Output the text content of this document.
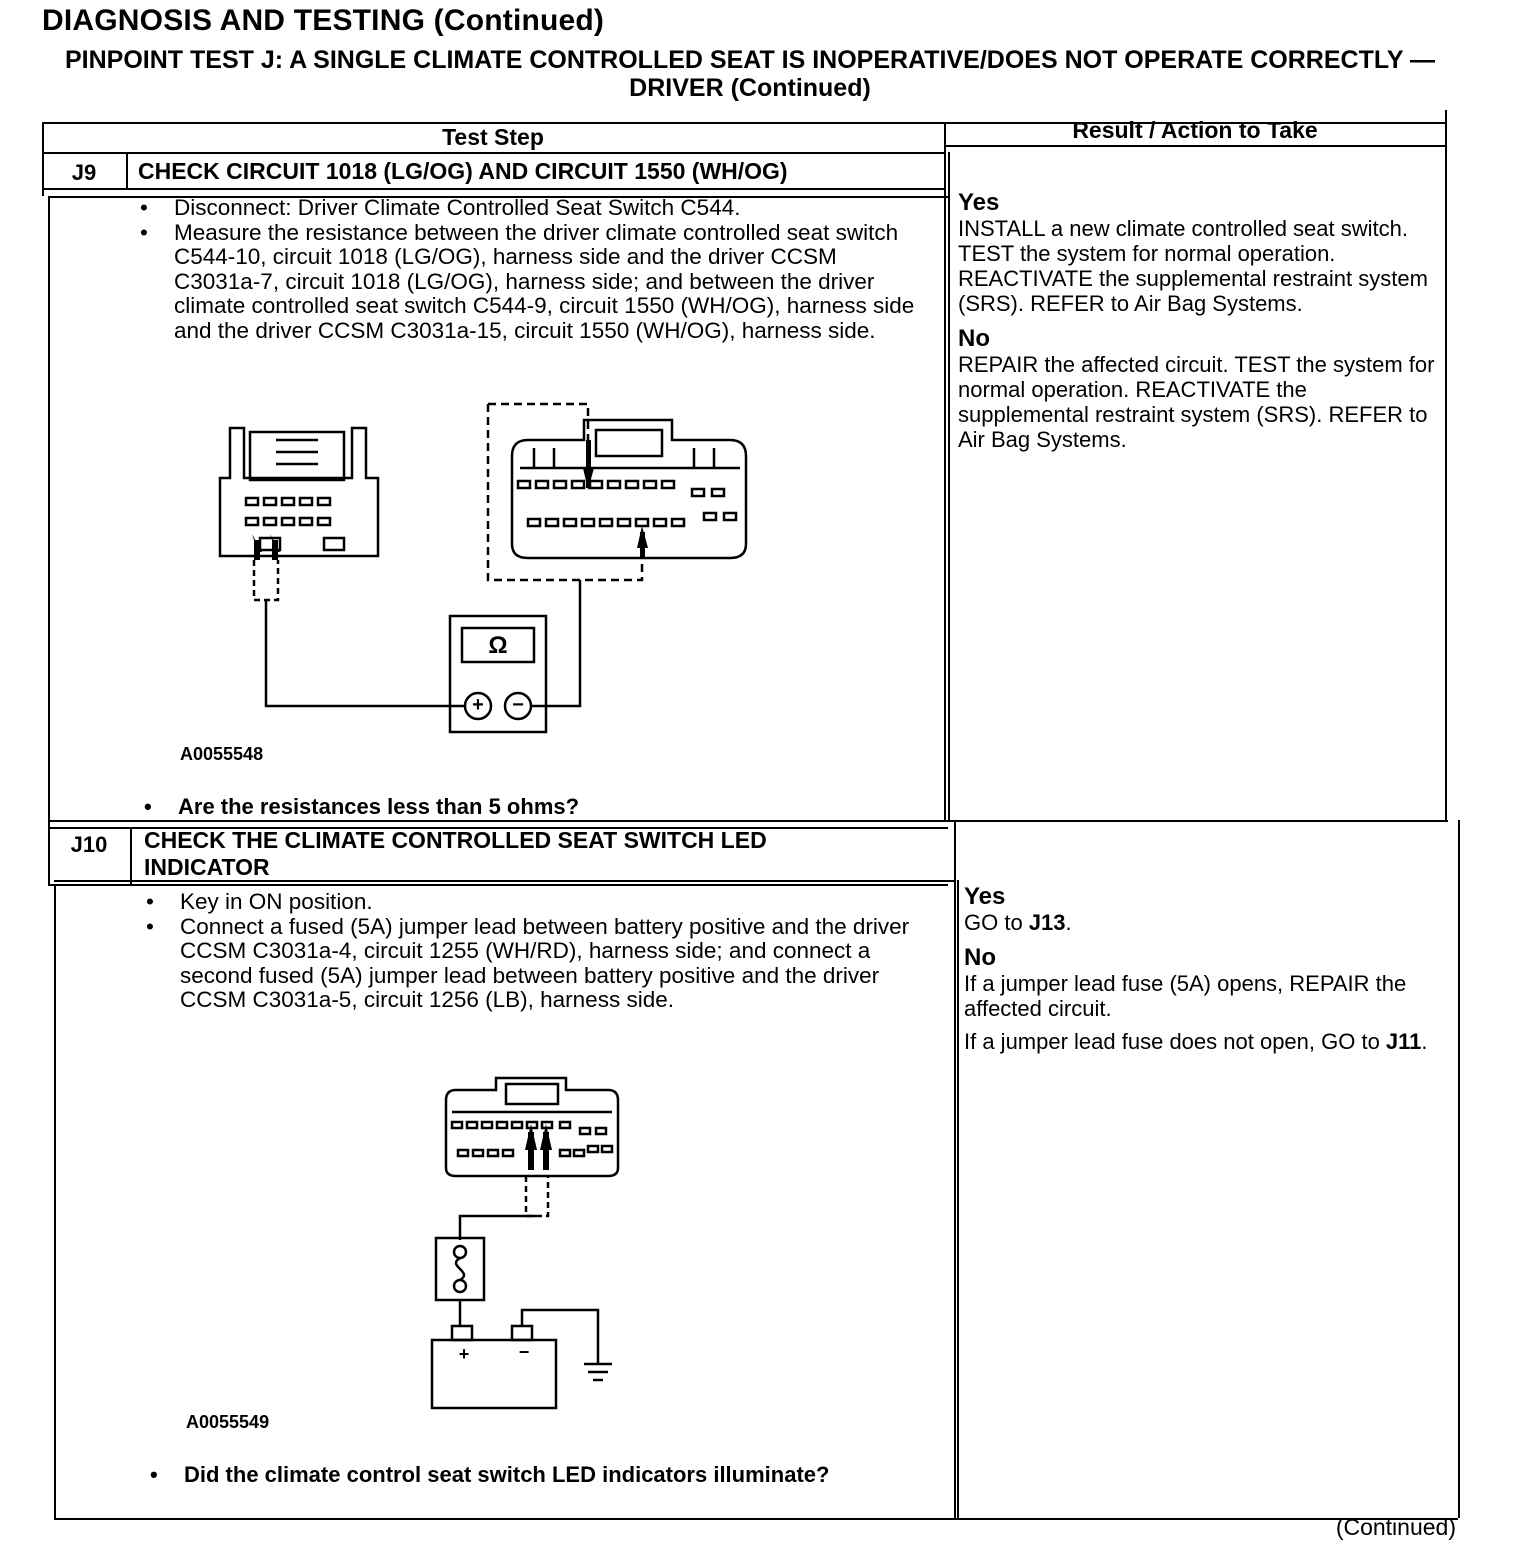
DIAGNOSIS AND TESTING (Continued)
PINPOINT TEST J: A SINGLE CLIMATE CONTROLLED SEAT IS INOPERATIVE/DOES NOT OPERATE CORRECTLY — DRIVER (Continued)
Test Step	Result / Action to Take
J9	CHECK CIRCUIT 1018 (LG/OG) AND CIRCUIT 1550 (WH/OG)
• Disconnect: Driver Climate Controlled Seat Switch C544.
• Measure the resistance between the driver climate controlled seat switch C544-10, circuit 1018 (LG/OG), harness side and the driver CCSM C3031a-7, circuit 1018 (LG/OG), harness side; and between the driver climate controlled seat switch C544-9, circuit 1550 (WH/OG), harness side and the driver CCSM C3031a-15, circuit 1550 (WH/OG), harness side.
Ω
+	−
A0055548
• Are the resistances less than 5 ohms?
Yes
INSTALL a new climate controlled seat switch. TEST the system for normal operation. REACTIVATE the supplemental restraint system (SRS). REFER to Air Bag Systems.
No
REPAIR the affected circuit. TEST the system for normal operation. REACTIVATE the supplemental restraint system (SRS). REFER to Air Bag Systems.
J10	CHECK THE CLIMATE CONTROLLED SEAT SWITCH LED INDICATOR
• Key in ON position.
• Connect a fused (5A) jumper lead between battery positive and the driver CCSM C3031a-4, circuit 1255 (WH/RD), harness side; and connect a second fused (5A) jumper lead between battery positive and the driver CCSM C3031a-5, circuit 1256 (LB), harness side.
+	−
A0055549
• Did the climate control seat switch LED indicators illuminate?
Yes
GO to J13.
No
If a jumper lead fuse (5A) opens, REPAIR the affected circuit.
If a jumper lead fuse does not open, GO to J11.
(Continued)
